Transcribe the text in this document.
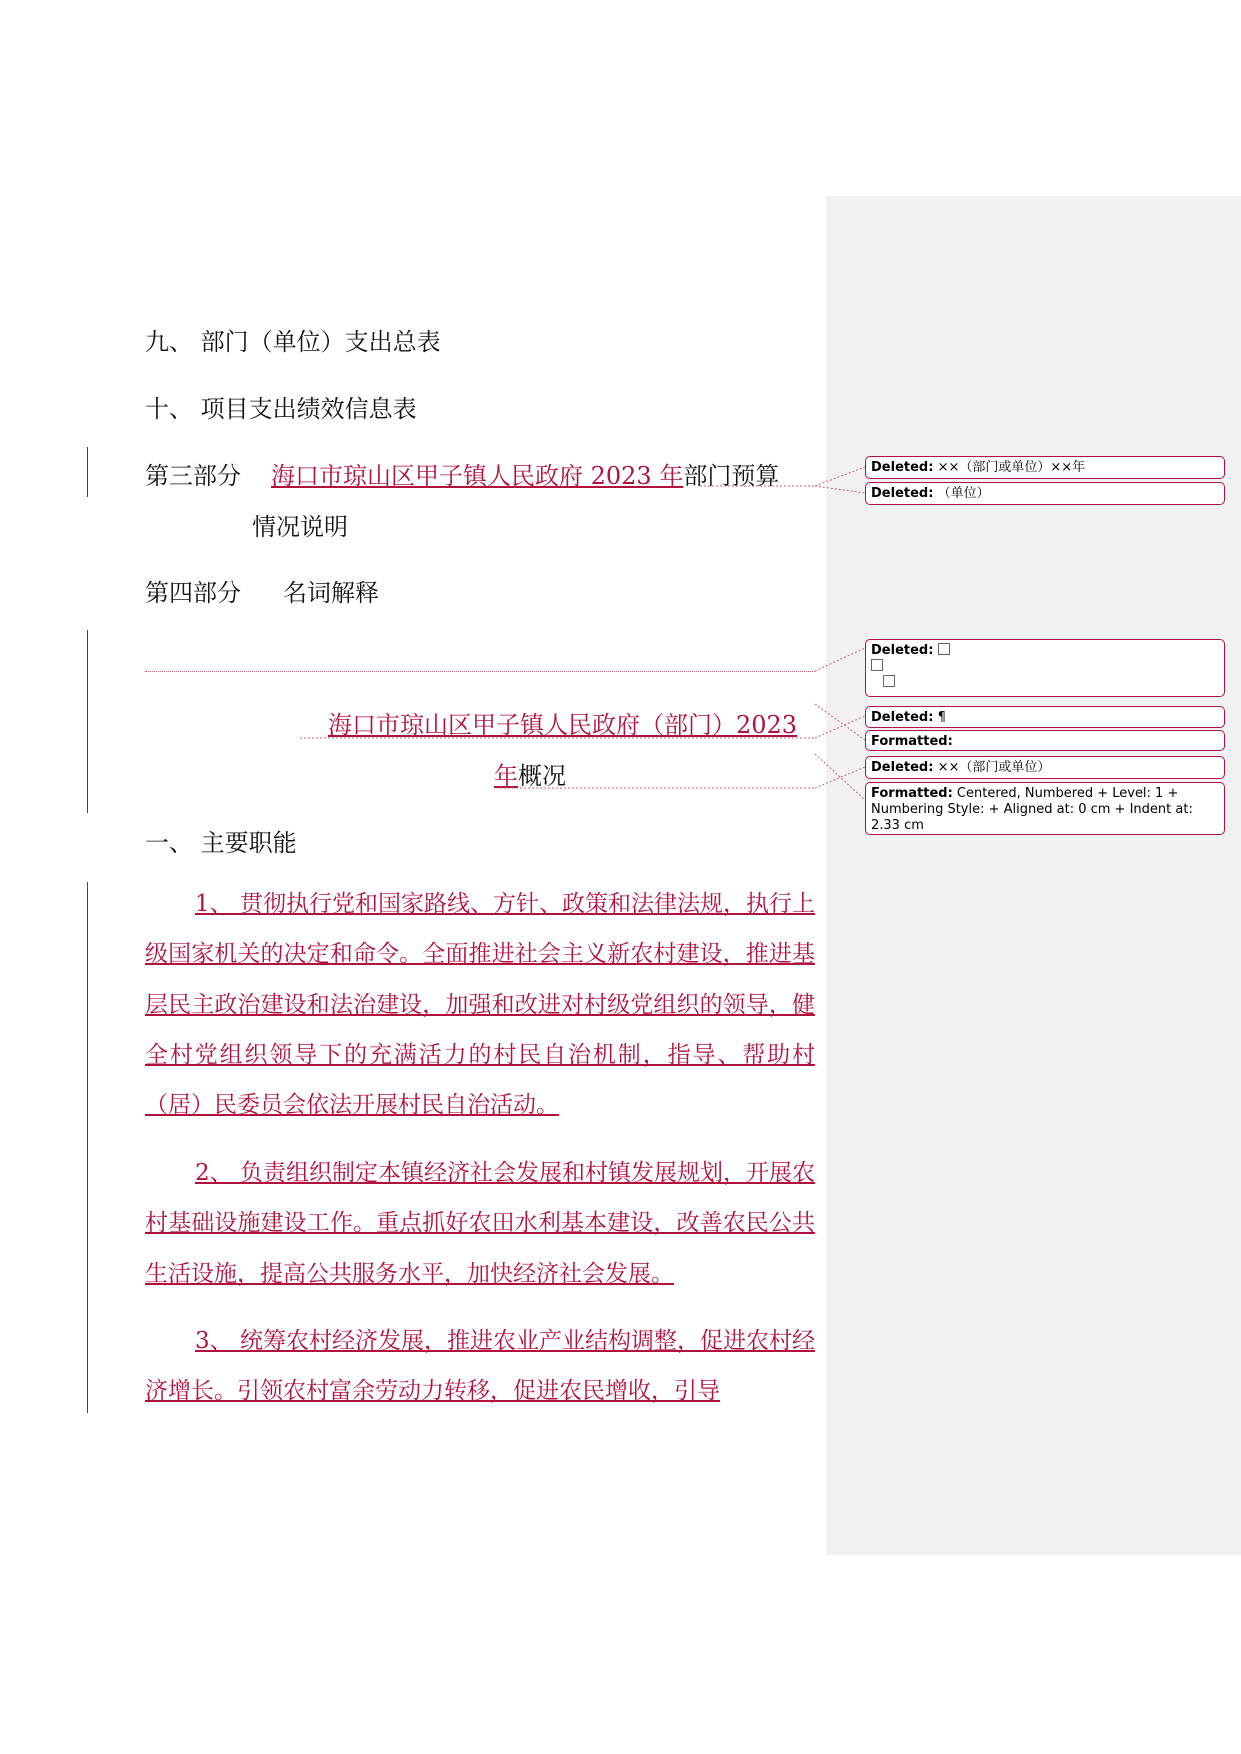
九、 部门（单位）支出总表
十、 项目支出绩效信息表
第三部分 海口市琼山区甲子镇人民政府 2023 年部门预算
情况说明
第四部分 名词解释
海口市琼山区甲子镇人民政府（部门）2023
年概况
一、 主要职能
1、 贯彻执行党和国家路线、方针、政策和法律法规，执行上级国家机关的决定和命令。全面推进社会主义新农村建设，推进基层民主政治建设和法治建设，加强和改进对村级党组织的领导，健全村党组织领导下的充满活力的村民自治机制，指导、帮助村（居）民委员会依法开展村民自治活动。
2、 负责组织制定本镇经济社会发展和村镇发展规划，开展农村基础设施建设工作。重点抓好农田水利基本建设，改善农民公共生活设施，提高公共服务水平，加快经济社会发展。
3、 统筹农村经济发展，推进农业产业结构调整，促进农村经济增长。引领农村富余劳动力转移，促进农民增收，引导
Deleted: ××（部门或单位）××年
Deleted: （单位）
Deleted:

Deleted: ¶
Formatted:
Deleted: ××（部门或单位）
Formatted: Centered, Numbered + Level: 1 + Numbering Style: + Aligned at: 0 cm + Indent at: 2.33 cm
